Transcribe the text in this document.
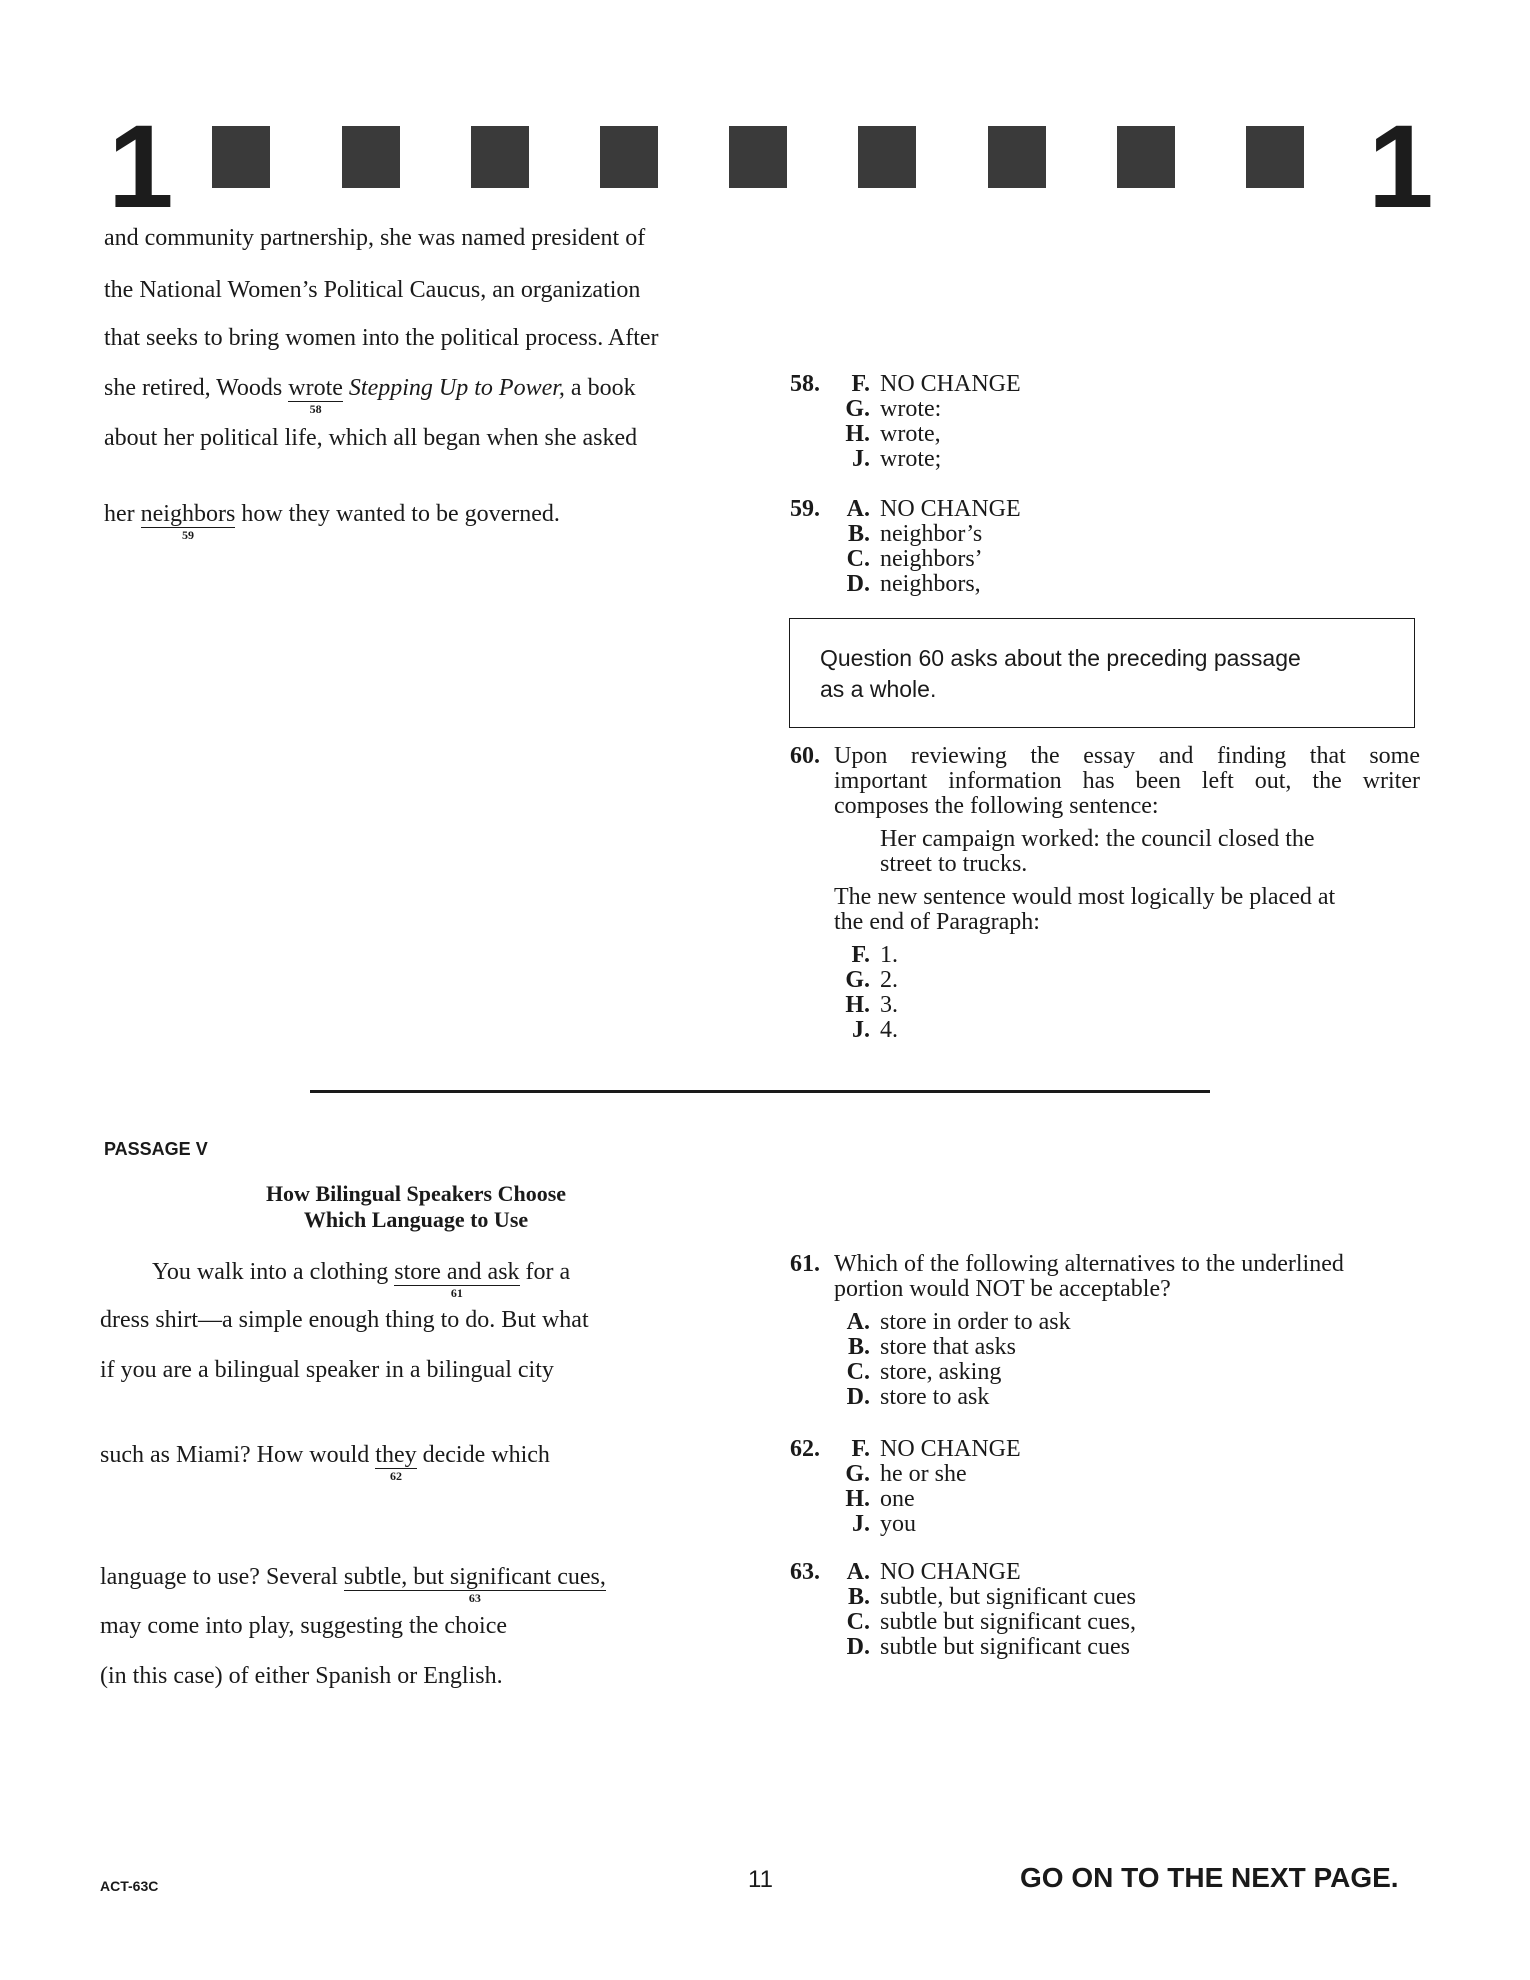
1	1
and community partnership, she was named president of
the National Women’s Political Caucus, an organization
that seeks to bring women into the political process. After
she retired, Woods wrote
58
Stepping Up to Power, a book
about her political life, which all began when she asked
her neighbors
59
how they wanted to be governed.
58.	F. NO CHANGE
G. wrote:
H. wrote,
J. wrote;
59.	A. NO CHANGE
B. neighbor’s
C. neighbors’
D. neighbors,
Question 60 asks about the preceding passage
as a whole.
60. Upon reviewing the essay and finding that some
important information has been left out, the writer
composes the following sentence:
Her campaign worked: the council closed the
street to trucks.
The new sentence would most logically be placed at
the end of Paragraph:
F. 1.
G. 2.
H. 3.
J. 4.
PASSAGE V
How Bilingual Speakers Choose
Which Language to Use
You walk into a clothing store and ask
61
for a
dress shirt—a simple enough thing to do. But what
if you are a bilingual speaker in a bilingual city
such as Miami? How would they
62
decide which
language to use? Several subtle, but significant cues,
63
may come into play, suggesting the choice
(in this case) of either Spanish or English.
61. Which of the following alternatives to the underlined
portion would NOT be acceptable?
A. store in order to ask
B. store that asks
C. store, asking
D. store to ask
62.	F. NO CHANGE
G. he or she
H. one
J. you
63.	A. NO CHANGE
B. subtle, but significant cues
C. subtle but significant cues,
D. subtle but significant cues
ACT-63C	11	GO ON TO THE NEXT PAGE.
